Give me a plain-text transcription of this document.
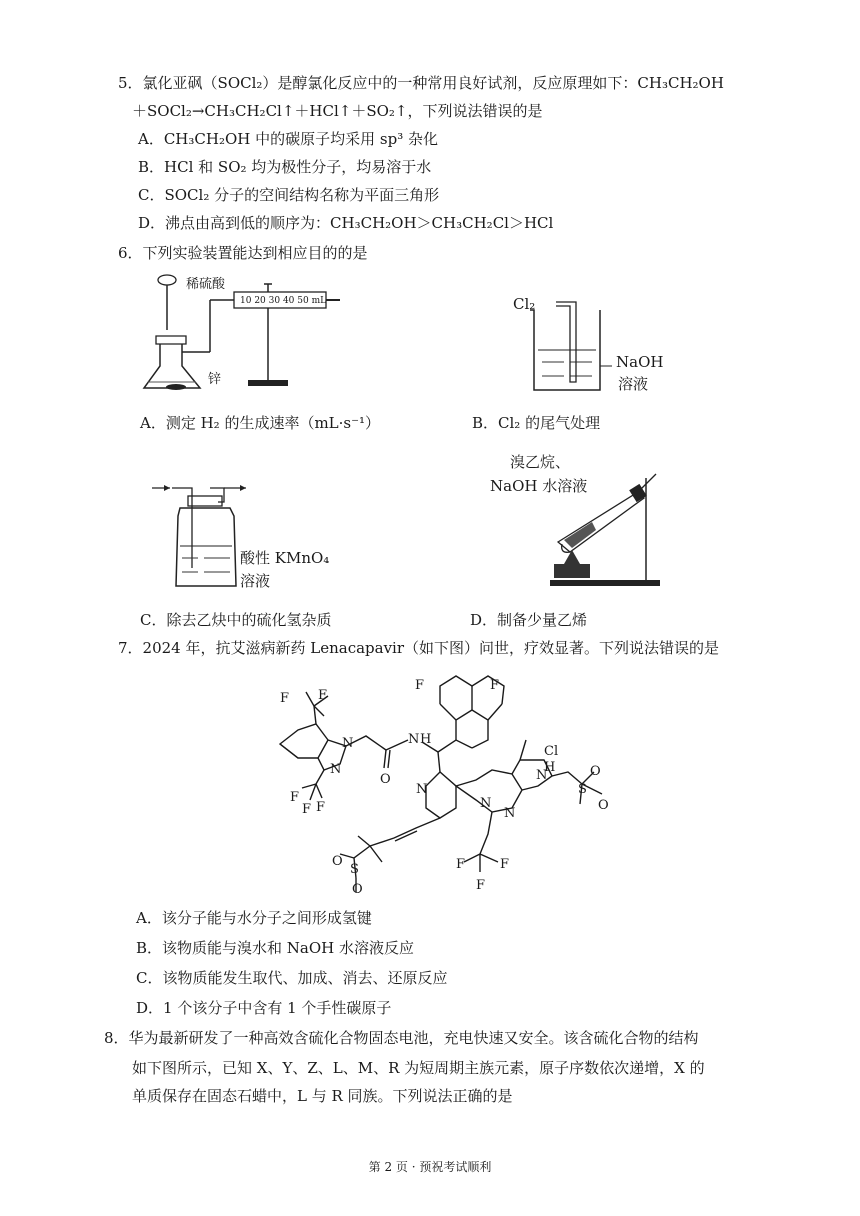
5．氯化亚砜（SOCl₂）是醇氯化反应中的一种常用良好试剂，反应原理如下：CH₃CH₂OH
＋SOCl₂→CH₃CH₂Cl↑＋HCl↑＋SO₂↑，下列说法错误的是
A．CH₃CH₂OH 中的碳原子均采用 sp³ 杂化
B．HCl 和 SO₂ 均为极性分子，均易溶于水
C．SOCl₂ 分子的空间结构名称为平面三角形
D．沸点由高到低的顺序为：CH₃CH₂OH＞CH₃CH₂Cl＞HCl
6．下列实验装置能达到相应目的的是
稀硫酸
10 20 30 40 50 mL
锌
A．测定 H₂ 的生成速率（mL·s⁻¹）
Cl₂
NaOH
溶液
B．Cl₂ 的尾气处理
酸性 KMnO₄
溶液
C．除去乙炔中的硫化氢杂质
溴乙烷、
NaOH 水溶液
D．制备少量乙烯
7．2024 年，抗艾滋病新药 Lenacapavir（如下图）问世，疗效显著。下列说法错误的是
F F
F
F F
N
N
O
N H
F	F
N
Cl
N
H
S
O
O
N
N
S
O
O
F	F
F
A．该分子能与水分子之间形成氢键
B．该物质能与溴水和 NaOH 水溶液反应
C．该物质能发生取代、加成、消去、还原反应
D．1 个该分子中含有 1 个手性碳原子
8．华为最新研发了一种高效含硫化合物固态电池，充电快速又安全。该含硫化合物的结构
如下图所示，已知 X、Y、Z、L、M、R 为短周期主族元素，原子序数依次递增，X 的
单质保存在固态石蜡中，L 与 R 同族。下列说法正确的是
第 2 页 · 预祝考试顺利
